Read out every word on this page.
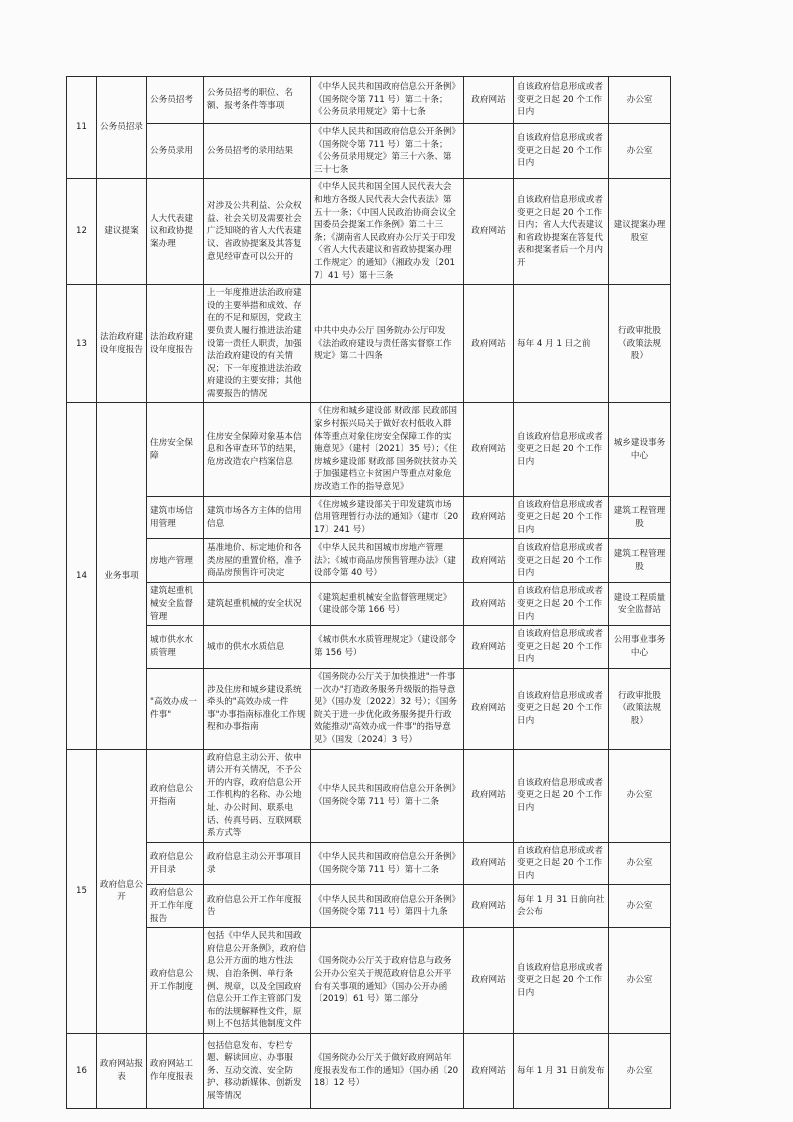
11	公务员招录	公务员招考	公务员招考的职位、名额、报考条件等事项	《中华人民共和国政府信息公开条例》（国务院令第 711 号）第二十条；《公务员录用规定》第十七条	政府网站	自该政府信息形成或者变更之日起 20 个工作日内	办公室
		公务员录用	公务员招考的录用结果	《中华人民共和国政府信息公开条例》（国务院令第 711 号）第二十条；《公务员录用规定》第三十六条、第三十七条		自该政府信息形成或者变更之日起 20 个工作日内	办公室
12	建议提案	人大代表建议和政协提案办理	对涉及公共利益、公众权益、社会关切及需要社会广泛知晓的省人大代表建议、省政协提案及其答复意见经审查可以公开的	《中华人民共和国全国人民代表大会和地方各级人民代表大会代表法》第五十一条；《中国人民政治协商会议全国委员会提案工作条例》第二十三条；《湖南省人民政府办公厅关于印发〈省人大代表建议和省政协提案办理工作规定〉的通知》（湘政办发〔2017〕41 号）第十三条	政府网站	自该政府信息形成或者变更之日起 20 个工作日内；省人大代表建议和省政协提案在答复代表和提案者后一个月内开	建议提案办理股室
13	法治政府建设年度报告	法治政府建设年度报告	上一年度推进法治政府建设的主要举措和成效、存在的不足和原因，党政主要负责人履行推进法治建设第一责任人职责，加强法治政府建设的有关情况；下一年度推进法治政府建设的主要安排；其他需要报告的情况	中共中央办公厅 国务院办公厅印发《法治政府建设与责任落实督察工作规定》第二十四条	政府网站	每年 4 月 1 日之前	行政审批股（政策法规股）
14	业务事项	住房安全保障	住房安全保障对象基本信息和各审查环节的结果，危房改造农户档案信息	《住房和城乡建设部 财政部 民政部国家乡村振兴局关于做好农村低收入群体等重点对象住房安全保障工作的实施意见》（建村〔2021〕35 号）；《住房城乡建设部 财政部 国务院扶贫办关于加强建档立卡贫困户等重点对象危房改造工作的指导意见》	政府网站	自该政府信息形成或者变更之日起 20 个工作日内	城乡建设事务中心
		建筑市场信用管理	建筑市场各方主体的信用信息	《住房城乡建设部关于印发建筑市场信用管理暂行办法的通知》（建市〔2017〕241 号）	政府网站	自该政府信息形成或者变更之日起 20 个工作日内	建筑工程管理股
		房地产管理	基准地价、标定地价和各类房屋的重置价格，准予商品房预售许可决定	《中华人民共和国城市房地产管理法》；《城市商品房预售管理办法》（建设部令第 40 号）	政府网站	自该政府信息形成或者变更之日起 20 个工作日内	建筑工程管理股
		建筑起重机械安全监督管理	建筑起重机械的安全状况	《建筑起重机械安全监督管理规定》（建设部令第 166 号）	政府网站	自该政府信息形成或者变更之日起 20 个工作日内	建设工程质量安全监督站
		城市供水水质管理	城市的供水水质信息	《城市供水水质管理规定》（建设部令第 156 号）	政府网站	自该政府信息形成或者变更之日起 20 个工作日内	公用事业事务中心
		"高效办成一件事"	涉及住房和城乡建设系统牵头的"高效办成一件事"办事指南标准化工作规程和办事指南	《国务院办公厅关于加快推进"一件事一次办"打造政务服务升级版的指导意见》（国办发〔2022〕32 号）；《国务院关于进一步优化政务服务提升行政效能推动"高效办成一件事"的指导意见》（国发〔2024〕3 号）	政府网站	自该政府信息形成或者变更之日起 20 个工作日内	行政审批股（政策法规股）
15	政府信息公开	政府信息公开指南	政府信息主动公开、依申请公开有关情况，不予公开的内容，政府信息公开工作机构的名称、办公地址、办公时间、联系电话、传真号码、互联网联系方式等	《中华人民共和国政府信息公开条例》（国务院令第 711 号）第十二条	政府网站	自该政府信息形成或者变更之日起 20 个工作日内	办公室
		政府信息公开目录	政府信息主动公开事项目录	《中华人民共和国政府信息公开条例》（国务院令第 711 号）第十二条	政府网站	自该政府信息形成或者变更之日起 20 个工作日内	办公室
		政府信息公开工作年度报告	政府信息公开工作年度报告	《中华人民共和国政府信息公开条例》（国务院令第 711 号）第四十九条	政府网站	每年 1 月 31 日前向社会公布	办公室
		政府信息公开工作制度	包括《中华人民共和国政府信息公开条例》，政府信息公开方面的地方性法规、自治条例、单行条例、规章，以及全国政府信息公开工作主管部门发布的法规解释性文件，原则上不包括其他制度文件	《国务院办公厅关于政府信息与政务公开办公室关于规范政府信息公开平台有关事项的通知》（国办公开办函〔2019〕61 号）第二部分	政府网站	自该政府信息形成或者变更之日起 20 个工作日内	办公室
16	政府网站报表	政府网站工作年度报表	包括信息发布、专栏专题、解读回应、办事服务、互动交流、安全防护、移动新媒体、创新发展等情况	《国务院办公厅关于做好政府网站年度报表发布工作的通知》（国办函〔2018〕12 号）	政府网站	每年 1 月 31 日前发布	办公室
